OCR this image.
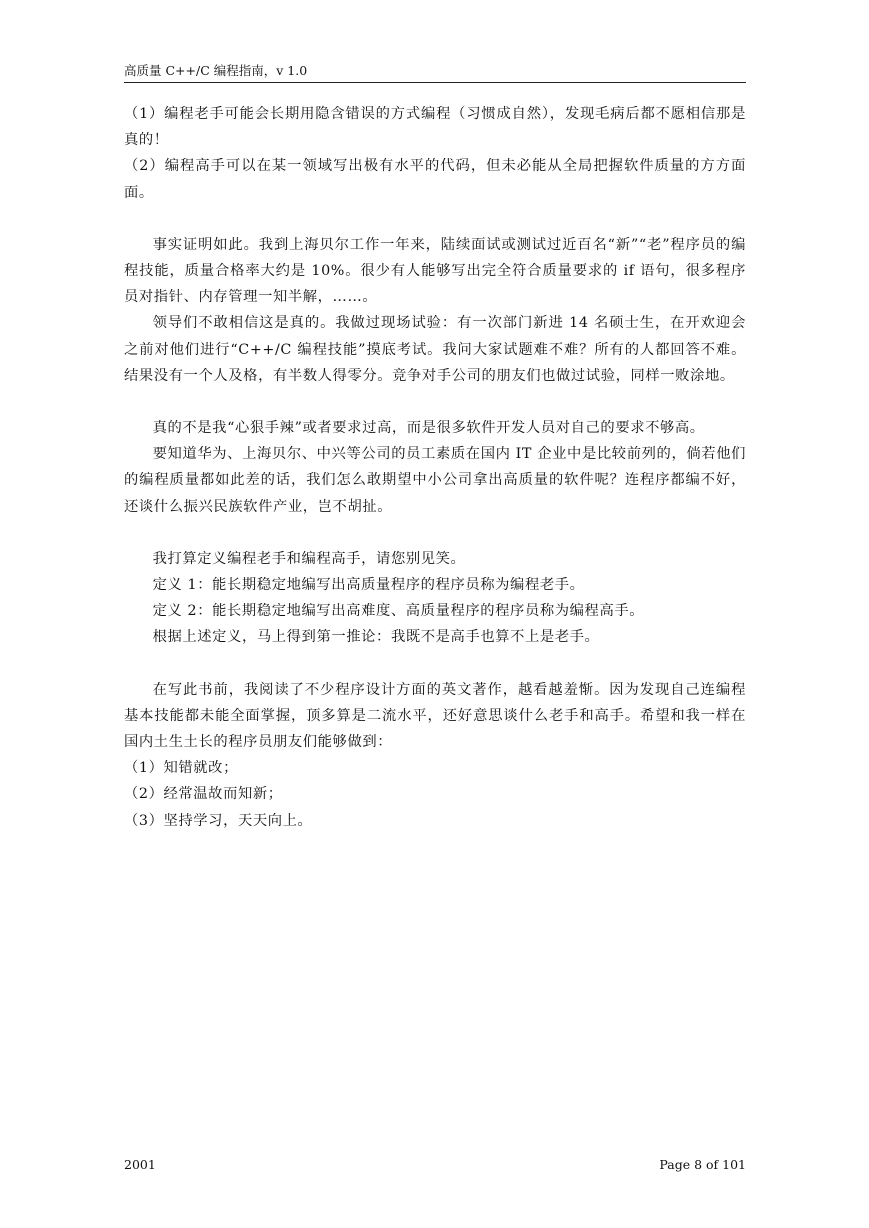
高质量 C++/C 编程指南，v 1.0

（1）编程老手可能会长期用隐含错误的方式编程（习惯成自然），发现毛病后都不愿相信那是真的！

（2）编程高手可以在某一领域写出极有水平的代码，但未必能从全局把握软件质量的方方面面。

事实证明如此。我到上海贝尔工作一年来，陆续面试或测试过近百名“新”“老”程序员的编程技能，质量合格率大约是 10%。很少有人能够写出完全符合质量要求的 if 语句，很多程序员对指针、内存管理一知半解，……。

领导们不敢相信这是真的。我做过现场试验：有一次部门新进 14 名硕士生，在开欢迎会之前对他们进行“C++/C 编程技能”摸底考试。我问大家试题难不难？所有的人都回答不难。结果没有一个人及格，有半数人得零分。竞争对手公司的朋友们也做过试验，同样一败涂地。

真的不是我“心狠手辣”或者要求过高，而是很多软件开发人员对自己的要求不够高。

要知道华为、上海贝尔、中兴等公司的员工素质在国内 IT 企业中是比较前列的，倘若他们的编程质量都如此差的话，我们怎么敢期望中小公司拿出高质量的软件呢？连程序都编不好，还谈什么振兴民族软件产业，岂不胡扯。

我打算定义编程老手和编程高手，请您别见笑。

定义 1：能长期稳定地编写出高质量程序的程序员称为编程老手。

定义 2：能长期稳定地编写出高难度、高质量程序的程序员称为编程高手。

根据上述定义，马上得到第一推论：我既不是高手也算不上是老手。

在写此书前，我阅读了不少程序设计方面的英文著作，越看越羞惭。因为发现自己连编程基本技能都未能全面掌握，顶多算是二流水平，还好意思谈什么老手和高手。希望和我一样在国内土生土长的程序员朋友们能够做到：

（1）知错就改；

（2）经常温故而知新；

（3）坚持学习，天天向上。

2001	Page 8 of 101
